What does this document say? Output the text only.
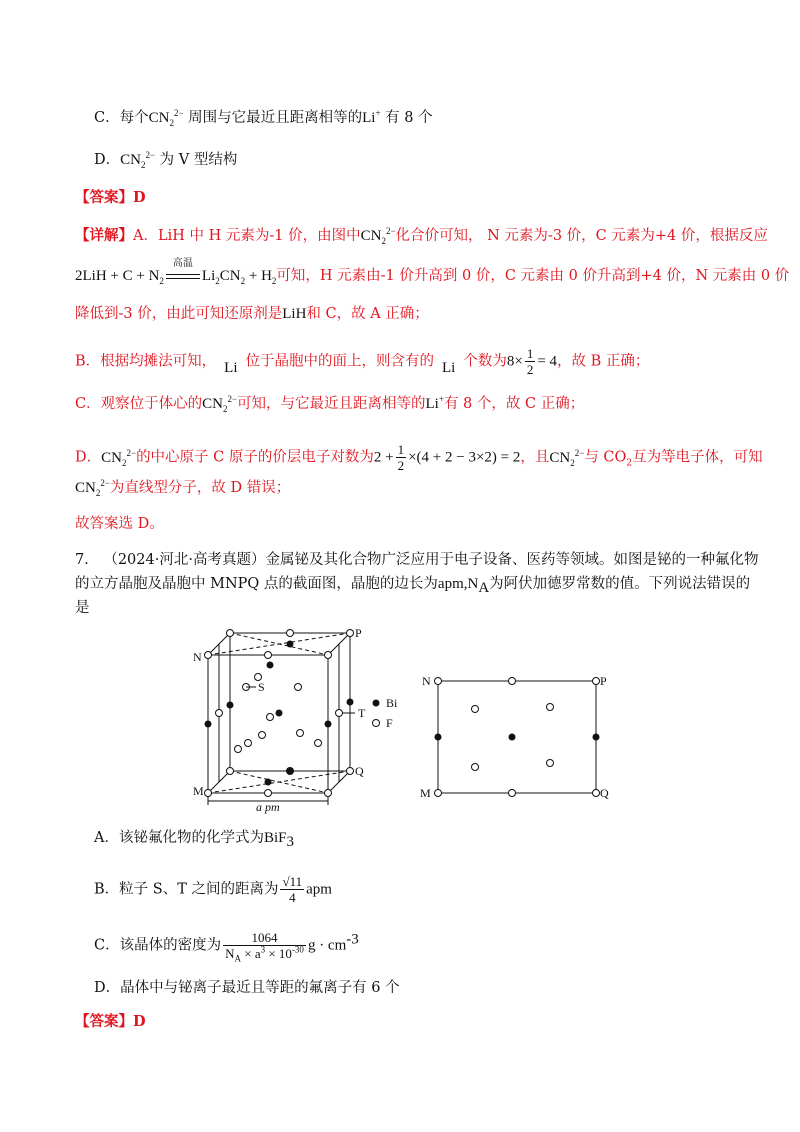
C．每个$CN_2^{2-}$ 周围与它最近且距离相等的Li+ 有 8 个
D．$CN_2^{2-}$ 为 V 型结构
【答案】D
【详解】A．LiH 中 H 元素为-1 价，由图中$CN_2^{2-}$化合价可知， N 元素为-3 价，C 元素为+4 价，根据反应
$2LiH + C + N_2$
高温
$Li_2CN_2 + H_2$可知，H 元素由-1 价升高到 0 价，C 元素由 0 价升高到+4 价，N 元素由 0 价
降低到-3 价，由此可知还原剂是LiH和 C，故 A 正确；
B．根据均摊法可知， Li 位于晶胞中的面上，则含有的 Li 个数为$8\times \frac{1}{2} = 4$，故 B 正确；
C．观察位于体心的$CN_2^{2-}$可知，与它最近且距离相等的Li+有 8 个，故 C 正确；
D．$CN_2^{2-}$的中心原子 C 原子的价层电子对数为$2 + \frac{1}{2} \times(4 + 2 - 3\times 2) = 2$，且$CN_2^{2-}$与 $CO_2$互为等电子体，可知
$CN_2^{2-}$为直线型分子，故 D 错误；
故答案选 D。
7． （2024·河北·高考真题）金属铋及其化合物广泛应用于电子设备、医药等领域。如图是铋的一种氟化物
的立方晶胞及晶胞中 MNPQ 点的截面图，晶胞的边长为$apm,N_A$为阿伏加德罗常数的值。下列说法错误的
是
N
P
M
Q
S
T
a pm
Bi
F
N	P
M	Q
A．该铋氟化物的化学式为BiF$_3$
B．粒子 S、T 之间的距离为 $\frac{√11}{4}$ apm
C．该晶体的密度为 $\frac{1064}{N_A \times a^3 \times 10^{-30}}$ $g \cdot cm^{-3}$
D．晶体中与铋离子最近且等距的氟离子有 6 个
【答案】D
